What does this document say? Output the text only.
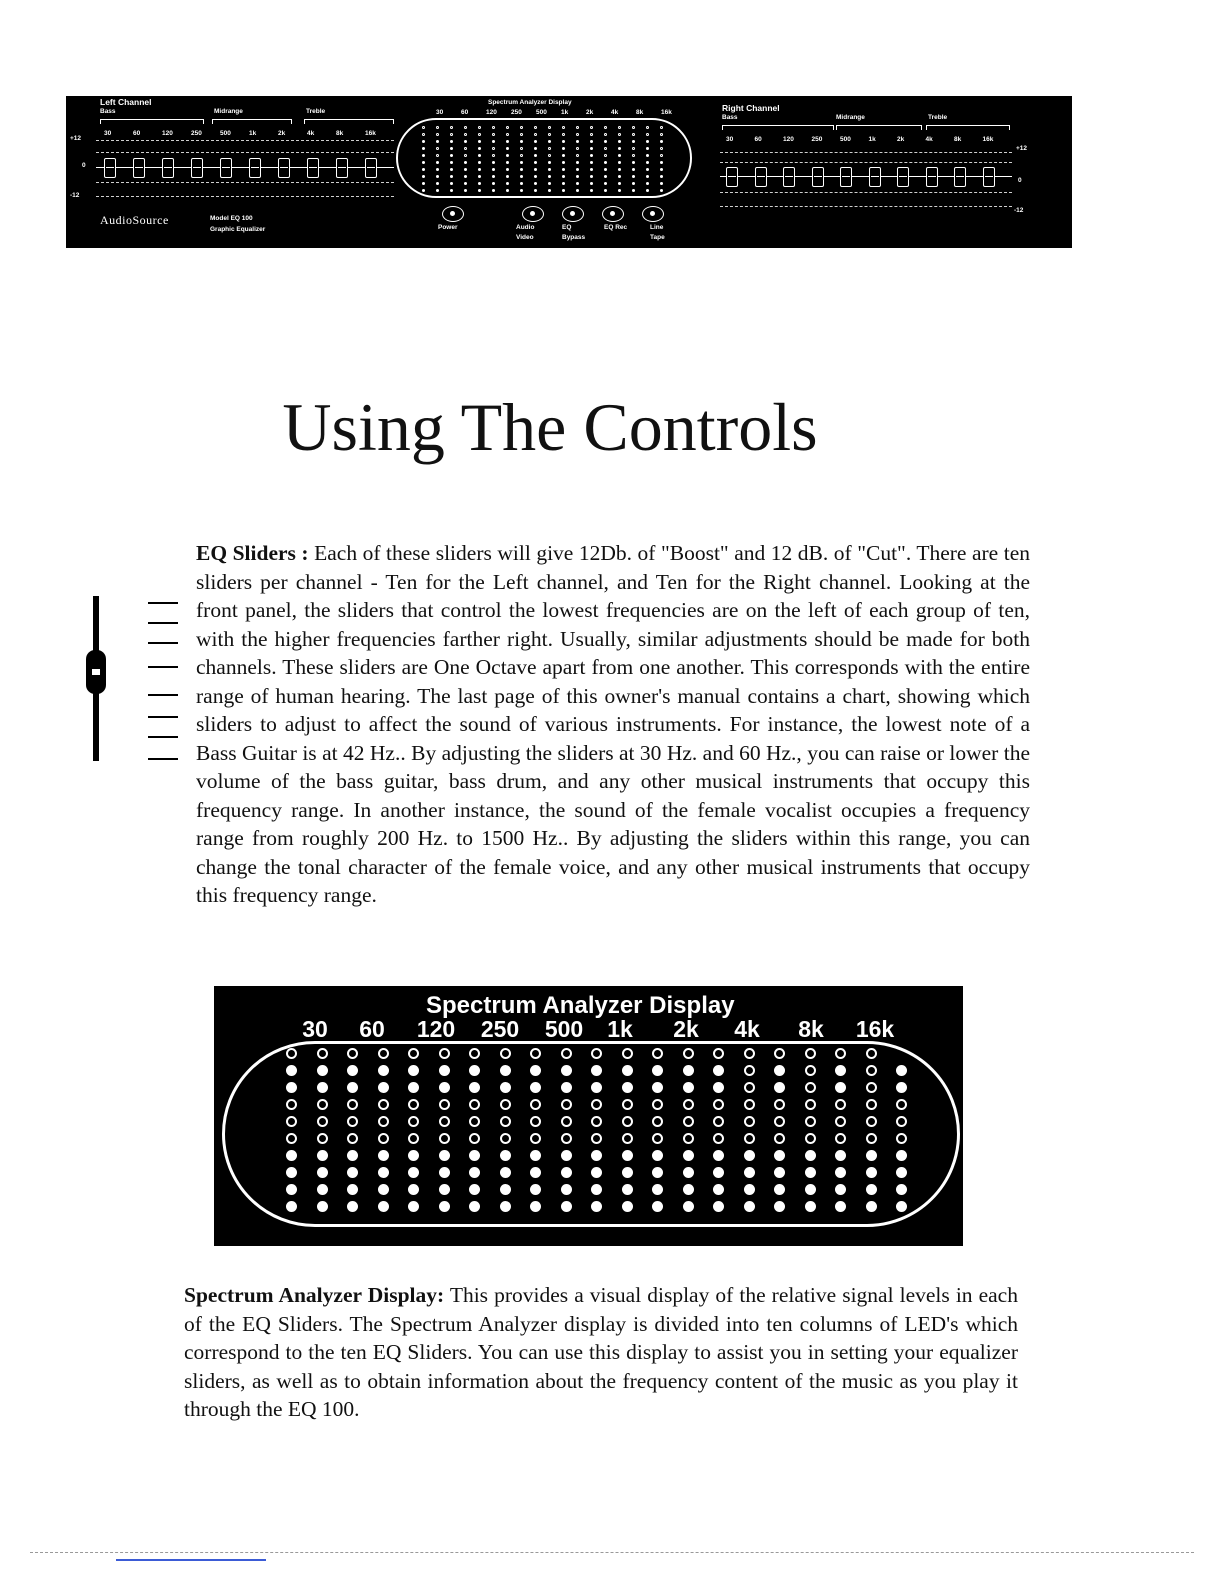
Left Channel
Bass	Midrange	Treble
+12
0
-12
30	60	120	250	500	1k	2k	4k	8k	16k
AudioSource	Model EQ 100
Graphic Equalizer
Spectrum Analyzer Display
30	60	120 250 500 1k	2k	4k	8k	16k
Power	Audio	EQ	EQ Rec	Line
Video	Bypass	Tape
Right Channel
Bass	Midrange	Treble
+12
0
-12
30	60	120	250	500	1k	2k	4k	8k	16k
Using The Controls

EQ Sliders : Each of these sliders will give 12Db. of "Boost" and 12 dB. of "Cut". There are ten sliders per channel - Ten for the Left channel, and Ten for the Right channel. Looking at the front panel, the sliders that control the lowest frequencies are on the left of each group of ten, with the higher frequencies farther right. Usually, similar adjustments should be made for both channels. These sliders are One Octave apart from one another. This corresponds with the entire range of human hearing. The last page of this owner's manual contains a chart, showing which sliders to adjust to affect the sound of various instruments. For instance, the lowest note of a Bass Guitar is at 42 Hz.. By adjusting the sliders at 30 Hz. and 60 Hz., you can raise or lower the volume of the bass guitar, bass drum, and any other musical instruments that occupy this frequency range. In another instance, the sound of the female vocalist occupies a frequency range from roughly 200 Hz. to 1500 Hz.. By adjusting the sliders within this range, you can change the tonal character of the female voice, and any other musical instruments that occupy this frequency range.

Spectrum Analyzer Display
30 60 120 250 500 1k 2k 4k 8k 16k

Spectrum Analyzer Display: This provides a visual display of the relative signal levels in each of the EQ Sliders. The Spectrum Analyzer display is divided into ten columns of LED's which correspond to the ten EQ Sliders. You can use this display to assist you in setting your equalizer sliders, as well as to obtain information about the frequency content of the music as you play it through the EQ 100.
